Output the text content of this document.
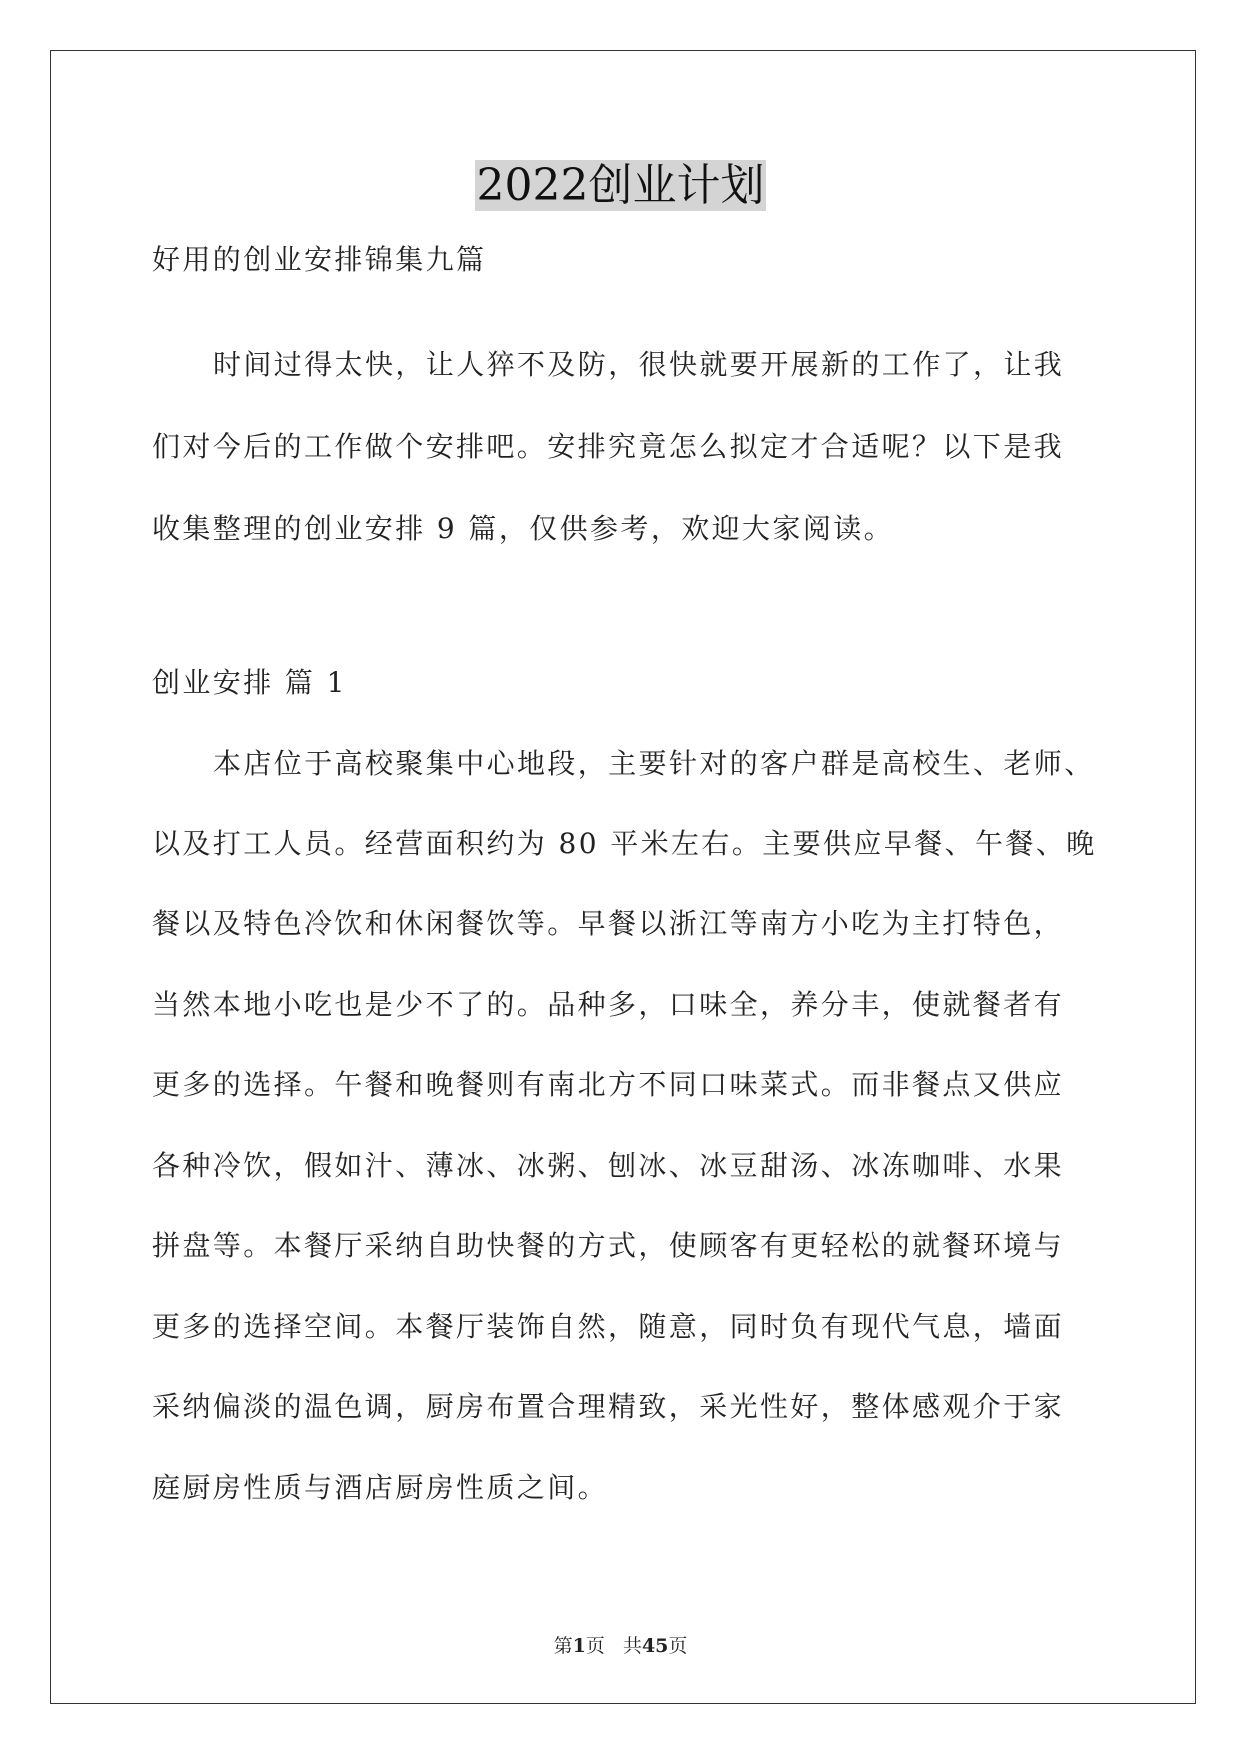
2022创业计划
好用的创业安排锦集九篇
时间过得太快，让人猝不及防，很快就要开展新的工作了，让我
们对今后的工作做个安排吧。安排究竟怎么拟定才合适呢？以下是我
收集整理的创业安排 9 篇，仅供参考，欢迎大家阅读。
创业安排 篇 1
本店位于高校聚集中心地段，主要针对的客户群是高校生、老师、
以及打工人员。经营面积约为 80 平米左右。主要供应早餐、午餐、晚
餐以及特色冷饮和休闲餐饮等。早餐以浙江等南方小吃为主打特色，
当然本地小吃也是少不了的。品种多，口味全，养分丰，使就餐者有
更多的选择。午餐和晚餐则有南北方不同口味菜式。而非餐点又供应
各种冷饮，假如汁、薄冰、冰粥、刨冰、冰豆甜汤、冰冻咖啡、水果
拼盘等。本餐厅采纳自助快餐的方式，使顾客有更轻松的就餐环境与
更多的选择空间。本餐厅装饰自然，随意，同时负有现代气息，墙面
采纳偏淡的温色调，厨房布置合理精致，采光性好，整体感观介于家
庭厨房性质与酒店厨房性质之间。
第1页   共45页
